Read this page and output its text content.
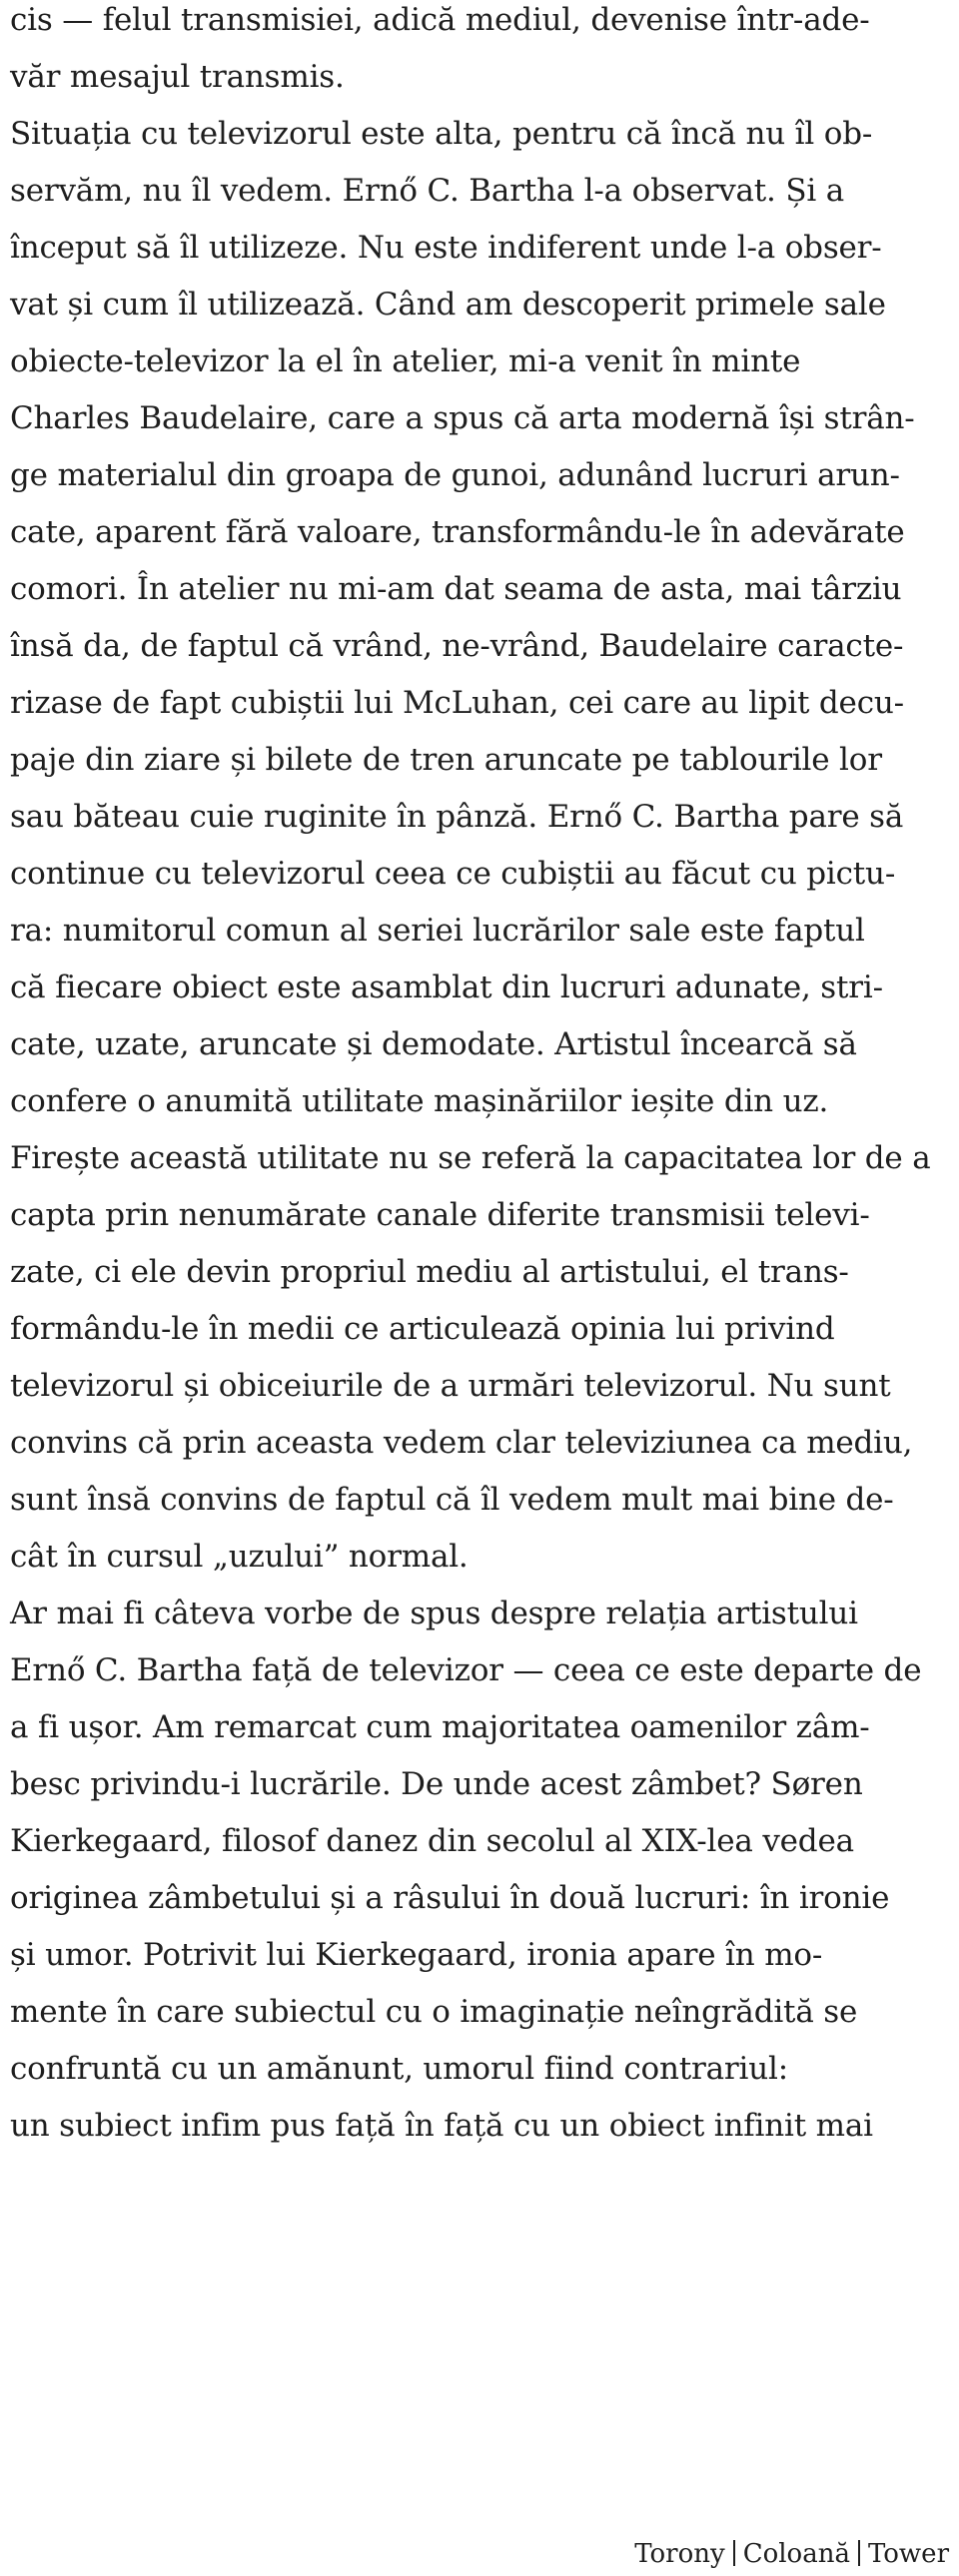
cis — felul transmisiei, adică mediul, devenise într-ade-
văr mesajul transmis.
Situația cu televizorul este alta, pentru că încă nu îl ob-
servăm, nu îl vedem. Ernő C. Bartha l-a observat. Și a
început să îl utilizeze. Nu este indiferent unde l-a obser-
vat și cum îl utilizează. Când am descoperit primele sale
obiecte-televizor la el în atelier, mi-a venit în minte
Charles Baudelaire, care a spus că arta modernă își strân-
ge materialul din groapa de gunoi, adunând lucruri arun-
cate, aparent fără valoare, transformându-le în adevărate
comori. În atelier nu mi-am dat seama de asta, mai târziu
însă da, de faptul că vrând, ne-vrând, Baudelaire caracte-
rizase de fapt cubiștii lui McLuhan, cei care au lipit decu-
paje din ziare și bilete de tren aruncate pe tablourile lor
sau băteau cuie ruginite în pânză. Ernő C. Bartha pare să
continue cu televizorul ceea ce cubiștii au făcut cu pictu-
ra: numitorul comun al seriei lucrărilor sale este faptul
că fiecare obiect este asamblat din lucruri adunate, stri-
cate, uzate, aruncate și demodate. Artistul încearcă să
confere o anumită utilitate mașinăriilor ieșite din uz.
Firește această utilitate nu se referă la capacitatea lor de a
capta prin nenumărate canale diferite transmisii televi-
zate, ci ele devin propriul mediu al artistului, el trans-
formându-le în medii ce articulează opinia lui privind
televizorul și obiceiurile de a urmări televizorul. Nu sunt
convins că prin aceasta vedem clar televiziunea ca mediu,
sunt însă convins de faptul că îl vedem mult mai bine de-
cât în cursul „uzului” normal.
Ar mai fi câteva vorbe de spus despre relația artistului
Ernő C. Bartha față de televizor — ceea ce este departe de
a fi ușor. Am remarcat cum majoritatea oamenilor zâm-
besc privindu-i lucrările. De unde acest zâmbet? Søren
Kierkegaard, filosof danez din secolul al XIX-lea vedea
originea zâmbetului și a râsului în două lucruri: în ironie
și umor. Potrivit lui Kierkegaard, ironia apare în mo-
mente în care subiectul cu o imaginație neîngrădită se
confruntă cu un amănunt, umorul fiind contrariul:
un subiect infim pus față în față cu un obiect infinit mai
Torony Coloană Tower
